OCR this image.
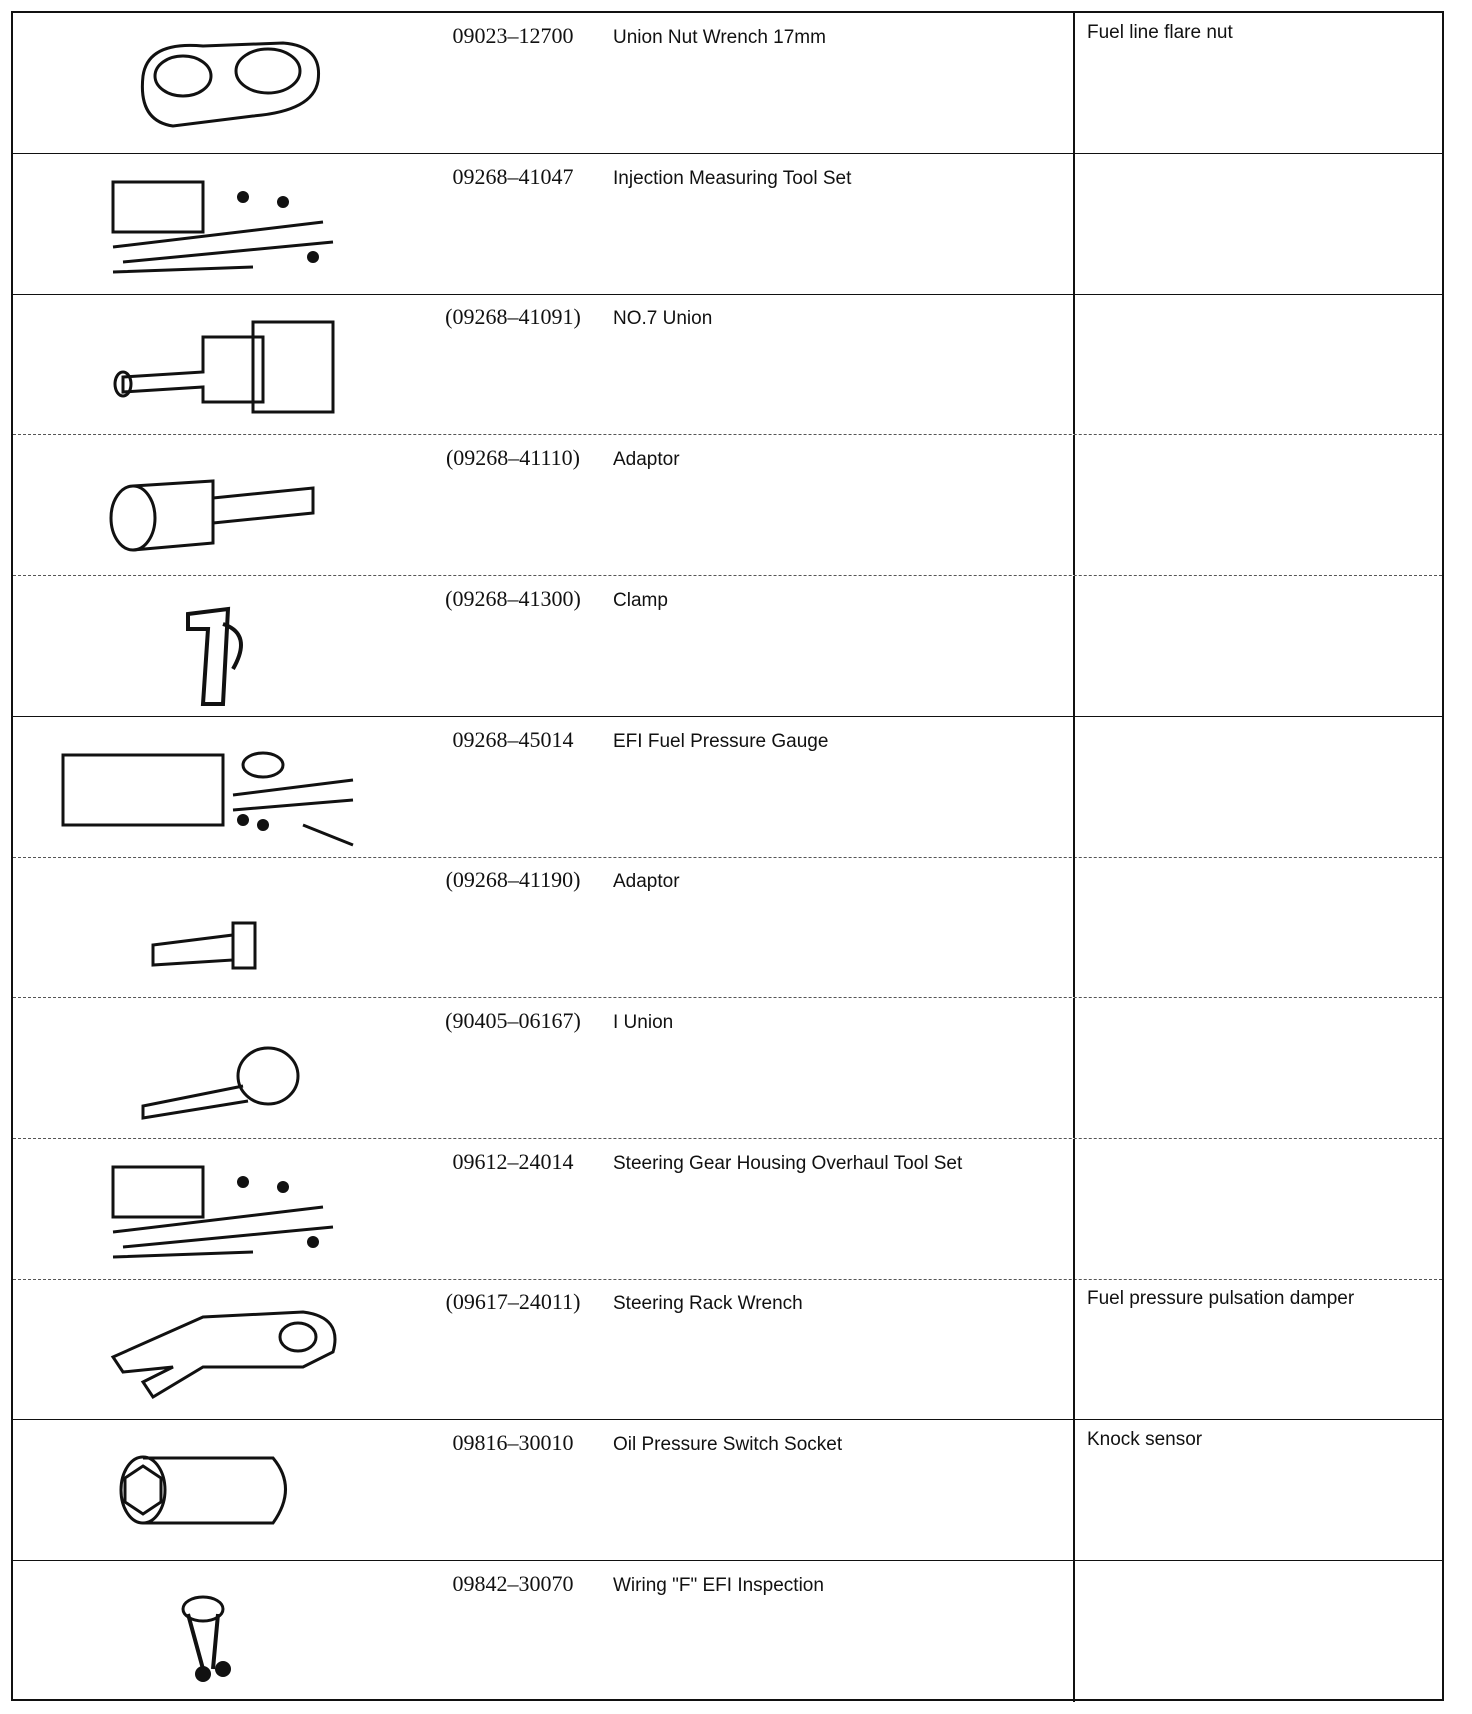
09023–12700	Union Nut Wrench 17mm	Fuel line flare nut
09268–41047	Injection Measuring Tool Set
(09268–41091)	NO.7 Union
(09268–41110)	Adaptor
(09268–41300)	Clamp
09268–45014	EFI Fuel Pressure Gauge
(09268–41190)	Adaptor
(90405–06167)	I Union
09612–24014	Steering Gear Housing Overhaul Tool Set
(09617–24011)	Steering Rack Wrench	Fuel pressure pulsation damper
09816–30010	Oil Pressure Switch Socket	Knock sensor
09842–30070	Wiring "F" EFI Inspection
